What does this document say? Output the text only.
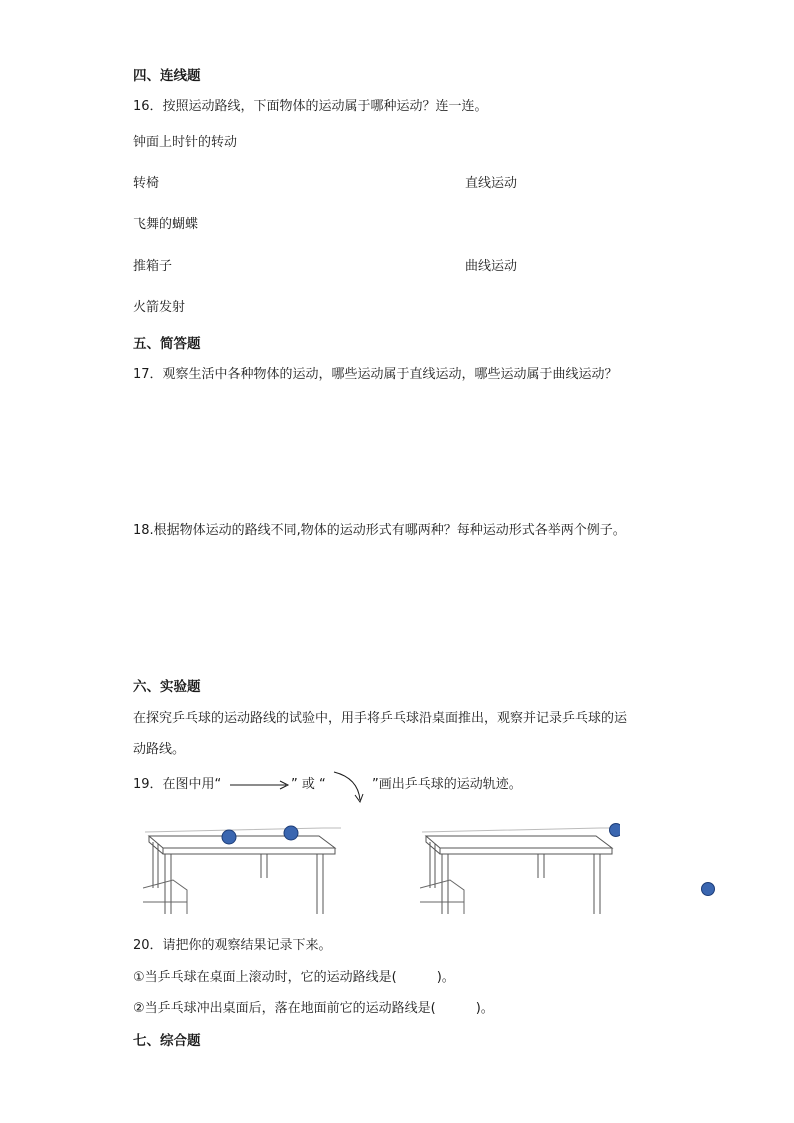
四、连线题
16．按照运动路线，下面物体的运动属于哪种运动？连一连。
钟面上时针的转动
转椅	直线运动
飞舞的蝴蝶
推箱子	曲线运动
火箭发射
五、简答题
17．观察生活中各种物体的运动，哪些运动属于直线运动，哪些运动属于曲线运动？
18.根据物体运动的路线不同,物体的运动形式有哪两种？每种运动形式各举两个例子。
六、实验题
在探究乒乓球的运动路线的试验中，用手将乒乓球沿桌面推出，观察并记录乒乓球的运
动路线。
19．在图中用“	” 或 “	”画出乒乓球的运动轨迹。
20．请把你的观察结果记录下来。
①当乒乓球在桌面上滚动时，它的运动路线是(	)。
②当乒乓球冲出桌面后，落在地面前它的运动路线是(	)。
七、综合题
